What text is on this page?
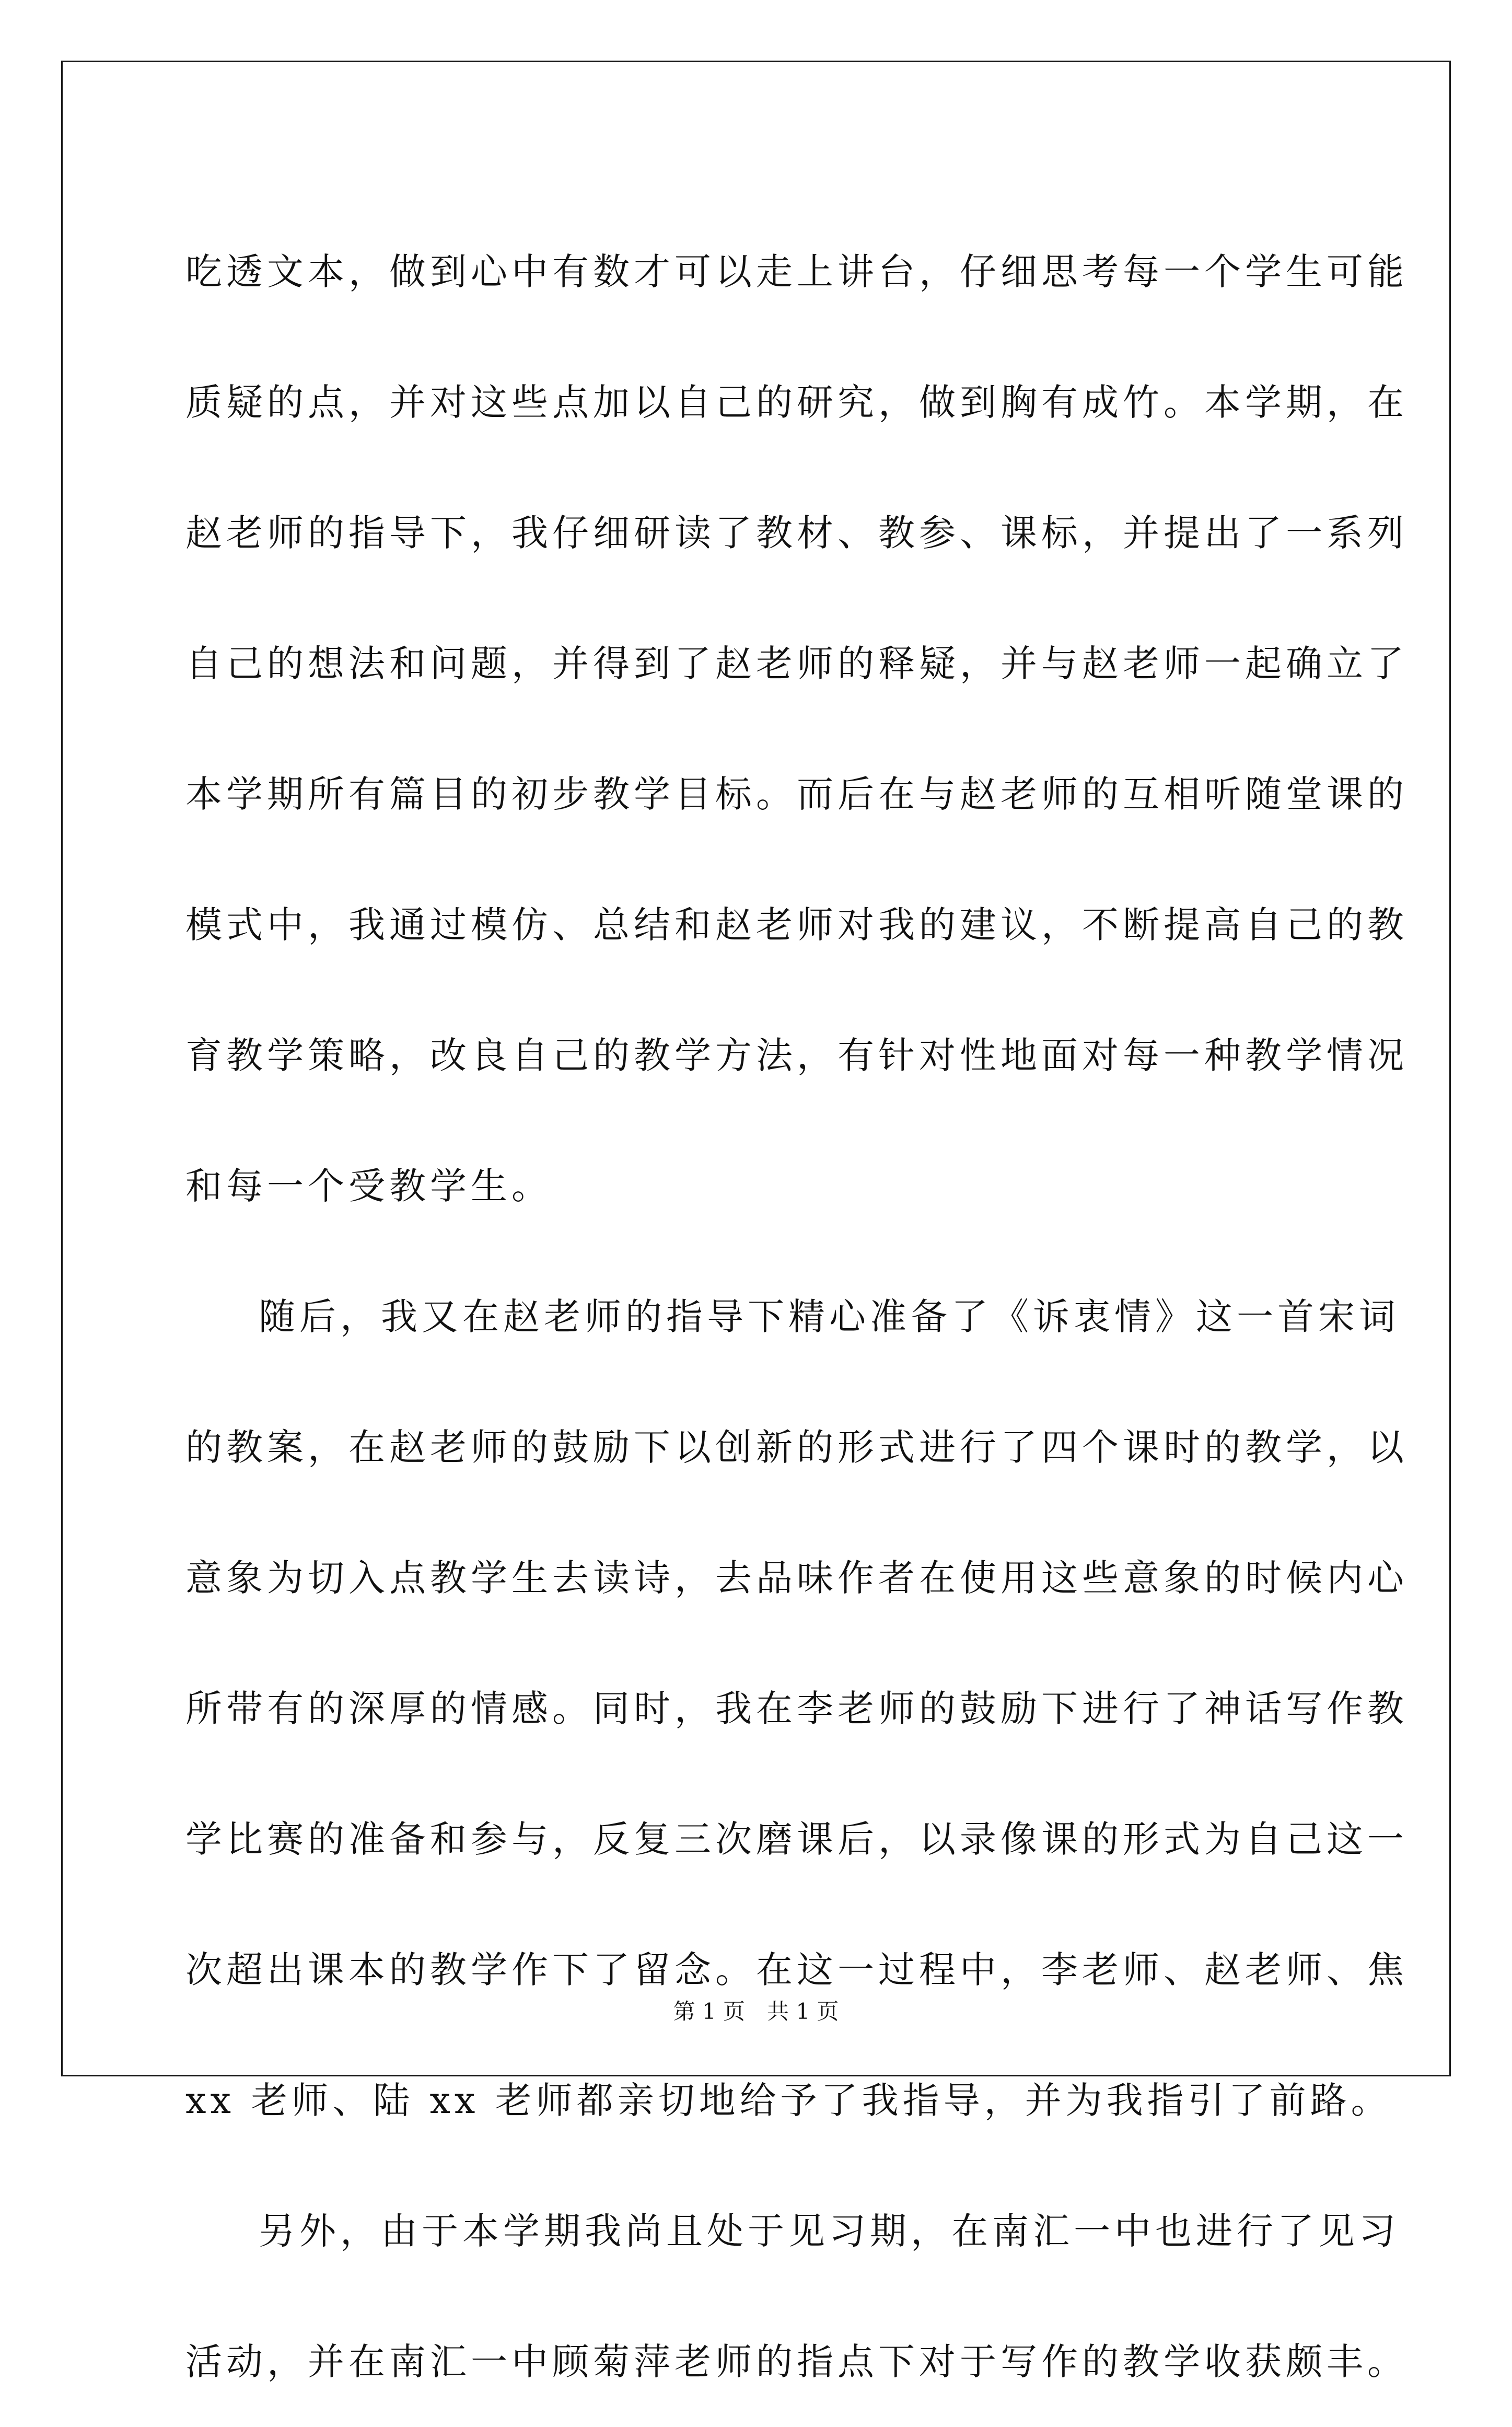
吃透文本，做到心中有数才可以走上讲台，仔细思考每一个学生可能
质疑的点，并对这些点加以自己的研究，做到胸有成竹。本学期，在
赵老师的指导下，我仔细研读了教材、教参、课标，并提出了一系列
自己的想法和问题，并得到了赵老师的释疑，并与赵老师一起确立了
本学期所有篇目的初步教学目标。而后在与赵老师的互相听随堂课的
模式中，我通过模仿、总结和赵老师对我的建议，不断提高自己的教
育教学策略，改良自己的教学方法，有针对性地面对每一种教学情况
和每一个受教学生。
随后，我又在赵老师的指导下精心准备了《诉衷情》这一首宋词
的教案，在赵老师的鼓励下以创新的形式进行了四个课时的教学，以
意象为切入点教学生去读诗，去品味作者在使用这些意象的时候内心
所带有的深厚的情感。同时，我在李老师的鼓励下进行了神话写作教
学比赛的准备和参与，反复三次磨课后，以录像课的形式为自己这一
次超出课本的教学作下了留念。在这一过程中，李老师、赵老师、焦
xx 老师、陆 xx 老师都亲切地给予了我指导，并为我指引了前路。
另外，由于本学期我尚且处于见习期，在南汇一中也进行了见习
活动，并在南汇一中顾菊萍老师的指点下对于写作的教学收获颇丰。
第 1 页　共 1 页
